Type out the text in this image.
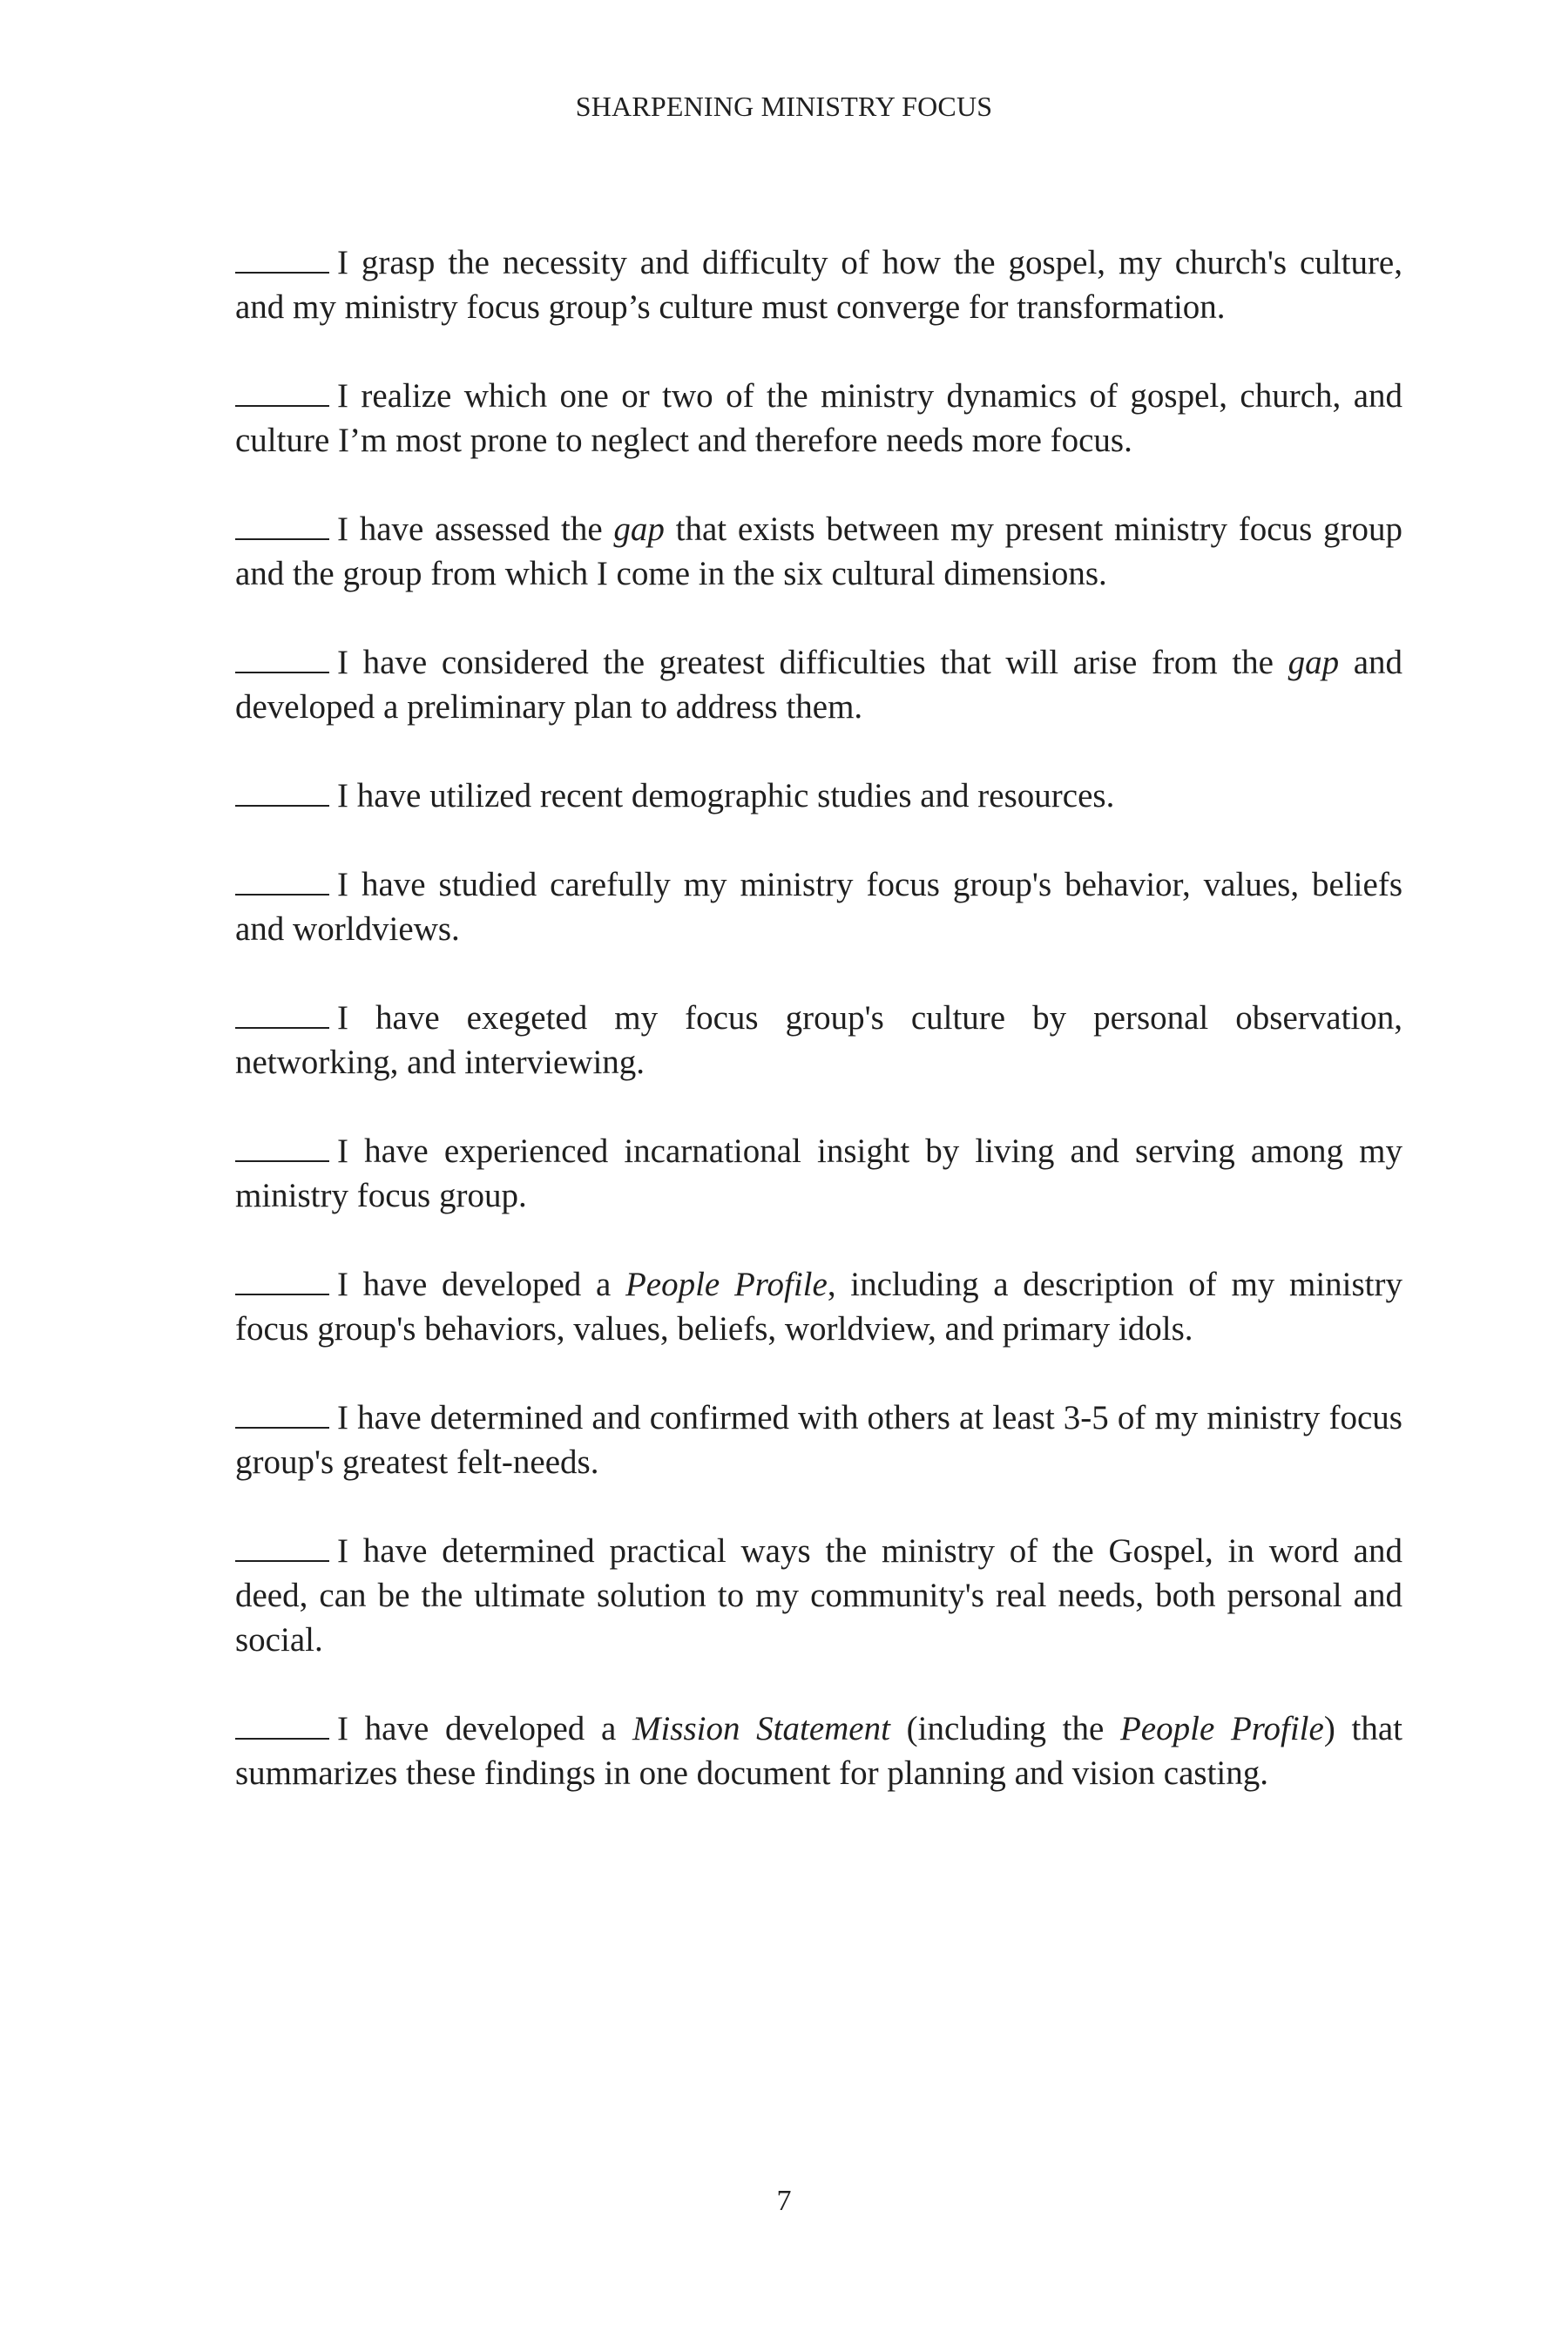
SHARPENING MINISTRY FOCUS

I grasp the necessity and difficulty of how the gospel, my church's culture, and my ministry focus group’s culture must converge for transformation.

I realize which one or two of the ministry dynamics of gospel, church, and culture I’m most prone to neglect and therefore needs more focus.

I have assessed the gap that exists between my present ministry focus group and the group from which I come in the six cultural dimensions.

I have considered the greatest difficulties that will arise from the gap and developed a preliminary plan to address them.

I have utilized recent demographic studies and resources.

I have studied carefully my ministry focus group's behavior, values, beliefs and worldviews.

I have exegeted my focus group's culture by personal observation, networking, and interviewing.

I have experienced incarnational insight by living and serving among my ministry focus group.

I have developed a People Profile, including a description of my ministry focus group's behaviors, values, beliefs, worldview, and primary idols.

I have determined and confirmed with others at least 3-5 of my ministry focus group's greatest felt-needs.

I have determined practical ways the ministry of the Gospel, in word and deed, can be the ultimate solution to my community's real needs, both personal and social.

I have developed a Mission Statement (including the People Profile) that summarizes these findings in one document for planning and vision casting.

7
